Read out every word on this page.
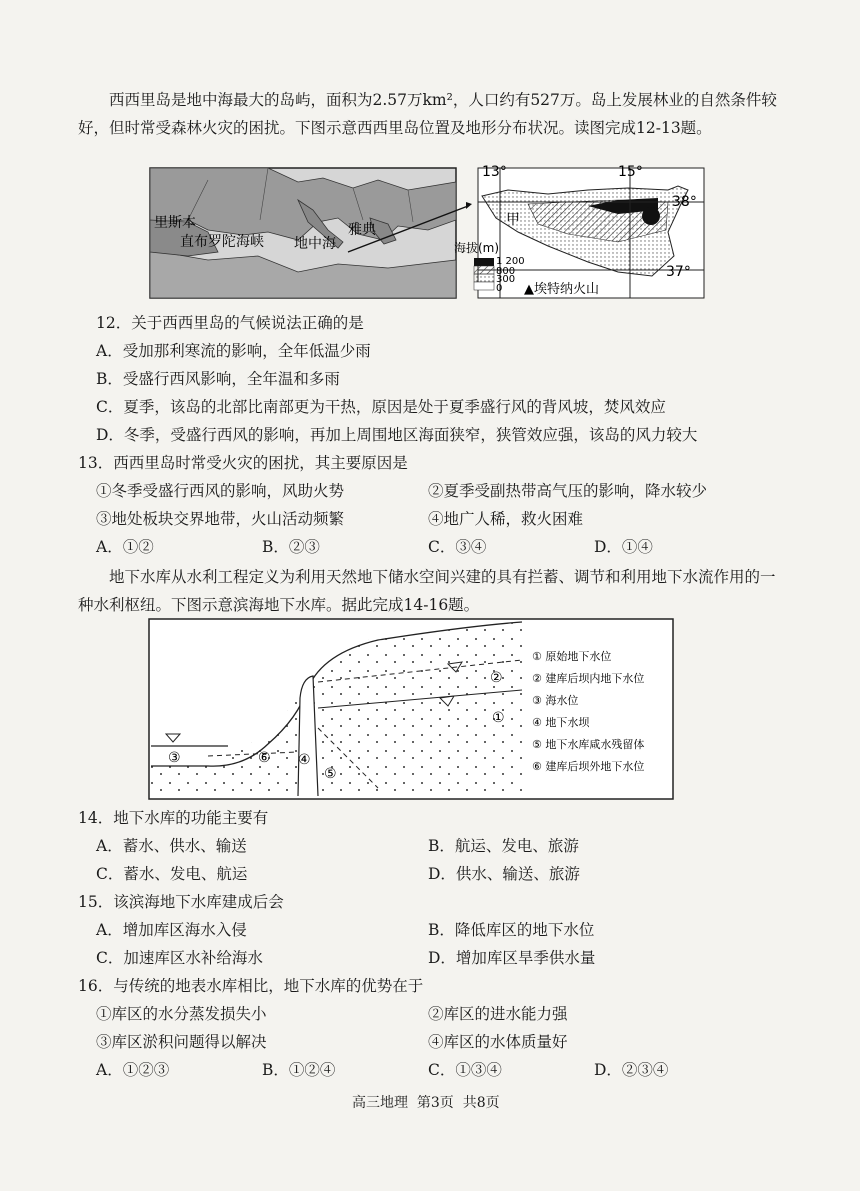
西西里岛是地中海最大的岛屿，面积为2.57万km²，人口约有527万。岛上发展林业的自然条件较好，但时常受森林火灾的困扰。下图示意西西里岛位置及地形分布状况。读图完成12-13题。
里斯本
直布罗陀海峡 地中海
雅典
13°	15°
38°
37°
甲
海拔(m)
1 200
800
300
0 ▲埃特纳火山
12．关于西西里岛的气候说法正确的是
A．受加那利寒流的影响，全年低温少雨
B．受盛行西风影响，全年温和多雨
C．夏季，该岛的北部比南部更为干热，原因是处于夏季盛行风的背风坡，焚风效应
D．冬季，受盛行西风的影响，再加上周围地区海面狭窄，狭管效应强，该岛的风力较大
13．西西里岛时常受火灾的困扰，其主要原因是
①冬季受盛行西风的影响，风助火势	②夏季受副热带高气压的影响，降水较少
③地处板块交界地带，火山活动频繁	④地广人稀，救火困难
A．①②	B．②③	C．③④	D．①④
地下水库从水利工程定义为利用天然地下储水空间兴建的具有拦蓄、调节和利用地下水流作用的一种水利枢纽。下图示意滨海地下水库。据此完成14-16题。
③	⑥ ④
⑤
②
①
① 原始地下水位
② 建库后坝内地下水位
③ 海水位
④ 地下水坝
⑤ 地下水库咸水残留体
⑥ 建库后坝外地下水位
14．地下水库的功能主要有
A．蓄水、供水、输送	B．航运、发电、旅游
C．蓄水、发电、航运	D．供水、输送、旅游
15．该滨海地下水库建成后会
A．增加库区海水入侵	B．降低库区的地下水位
C．加速库区水补给海水	D．增加库区旱季供水量
16．与传统的地表水库相比，地下水库的优势在于
①库区的水分蒸发损失小	②库区的进水能力强
③库区淤积问题得以解决	④库区的水体质量好
A．①②③	B．①②④	C．①③④	D．②③④
高三地理  第3页  共8页
